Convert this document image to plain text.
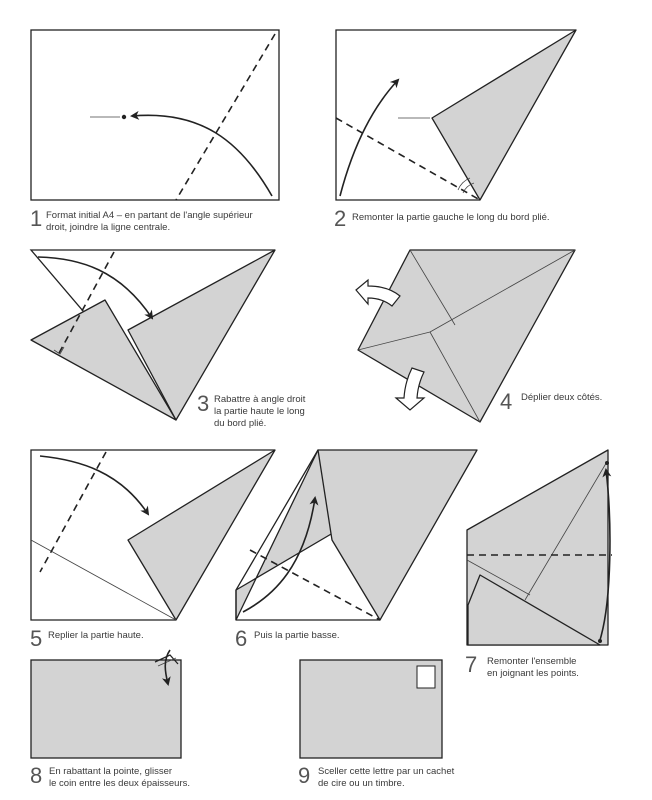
1 Format initial A4 – en partant de l'angle supérieur
droit, joindre la ligne centrale.	2 Remonter la partie gauche le long du bord plié.
3 Rabattre à angle droit
la partie haute le long
du bord plié.
4 Déplier deux côtés.
5 Replier la partie haute.	6 Puis la partie basse.
7 Remonter l'ensemble
en joignant les points.
8 En rabattant la pointe, glisser
le coin entre les deux épaisseurs.	9 Sceller cette lettre par un cachet
de cire ou un timbre.
